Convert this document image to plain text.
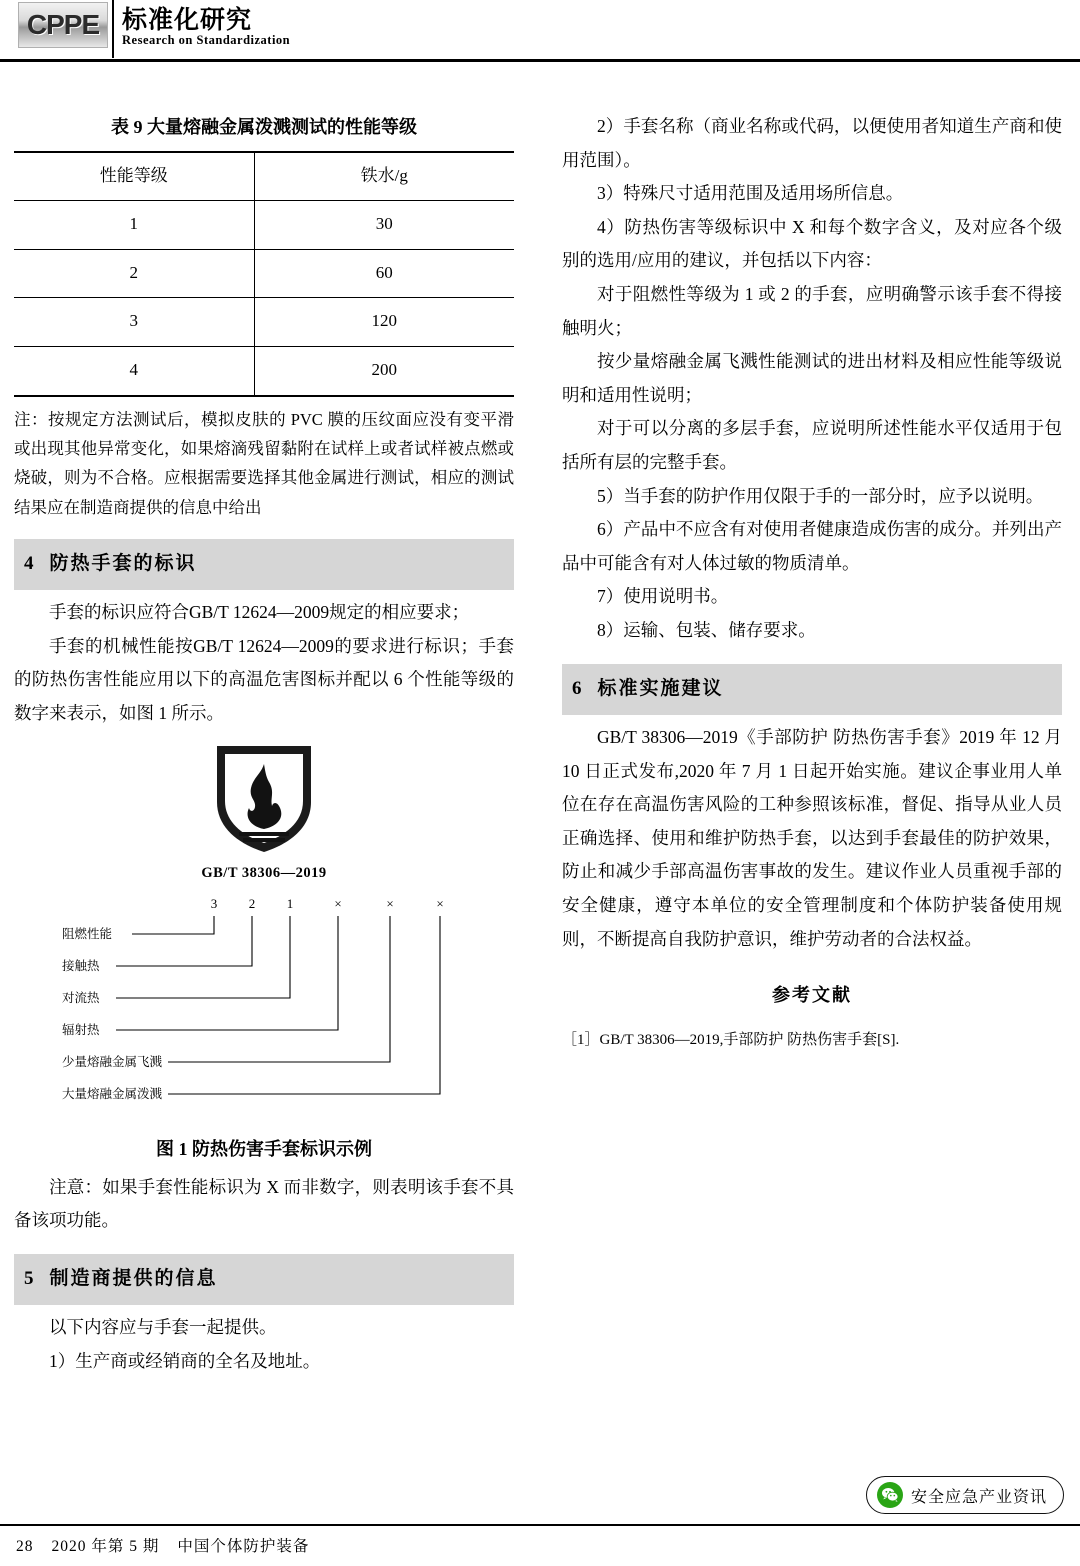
CPPE 标准化研究
Research on Standardization
表 9 大量熔融金属泼溅测试的性能等级
性能等级	铁水/g
1	30
2	60
3	120
4	200

注：按规定方法测试后，模拟皮肤的 PVC 膜的压纹面应没有变平滑或出现其他异常变化，如果熔滴残留黏附在试样上或者试样被点燃或烧破，则为不合格。应根据需要选择其他金属进行测试，相应的测试结果应在制造商提供的信息中给出

4 防热手套的标识

手套的标识应符合GB/T 12624—2009规定的相应要求；

手套的机械性能按GB/T 12624—2009的要求进行标识；手套的防热伤害性能应用以下的高温危害图标并配以 6 个性能等级的数字来表示，如图 1 所示。

GB/T 38306—2019
3 2 1	×	×	×
阻燃性能
接触热
对流热
辐射热
少量熔融金属飞溅
大量熔融金属泼溅
图 1 防热伤害手套标识示例

注意：如果手套性能标识为 X 而非数字，则表明该手套不具备该项功能。

5 制造商提供的信息

以下内容应与手套一起提供。

1）生产商或经销商的全名及地址。

2）手套名称（商业名称或代码，以便使用者知道生产商和使用范围）。

3）特殊尺寸适用范围及适用场所信息。

4）防热伤害等级标识中 X 和每个数字含义，及对应各个级别的选用/应用的建议，并包括以下内容：

对于阻燃性等级为 1 或 2 的手套，应明确警示该手套不得接触明火；

按少量熔融金属飞溅性能测试的进出材料及相应性能等级说明和适用性说明；

对于可以分离的多层手套，应说明所述性能水平仅适用于包括所有层的完整手套。

5）当手套的防护作用仅限于手的一部分时，应予以说明。

6）产品中不应含有对使用者健康造成伤害的成分。并列出产品中可能含有对人体过敏的物质清单。

7）使用说明书。

8）运输、包装、储存要求。

6 标准实施建议

GB/T 38306—2019《手部防护 防热伤害手套》2019 年 12 月 10 日正式发布,2020 年 7 月 1 日起开始实施。建议企事业用人单位在存在高温伤害风险的工种参照该标准，督促、指导从业人员正确选择、使用和维护防热手套，以达到手套最佳的防护效果，防止和减少手部高温伤害事故的发生。建议作业人员重视手部的安全健康，遵守本单位的安全管理制度和个体防护装备使用规则，不断提高自我防护意识，维护劳动者的合法权益。

参考文献

［1］GB/T 38306—2019,手部防护 防热伤害手套[S].

安全应急产业资讯
28 2020 年第 5 期 中国个体防护装备
